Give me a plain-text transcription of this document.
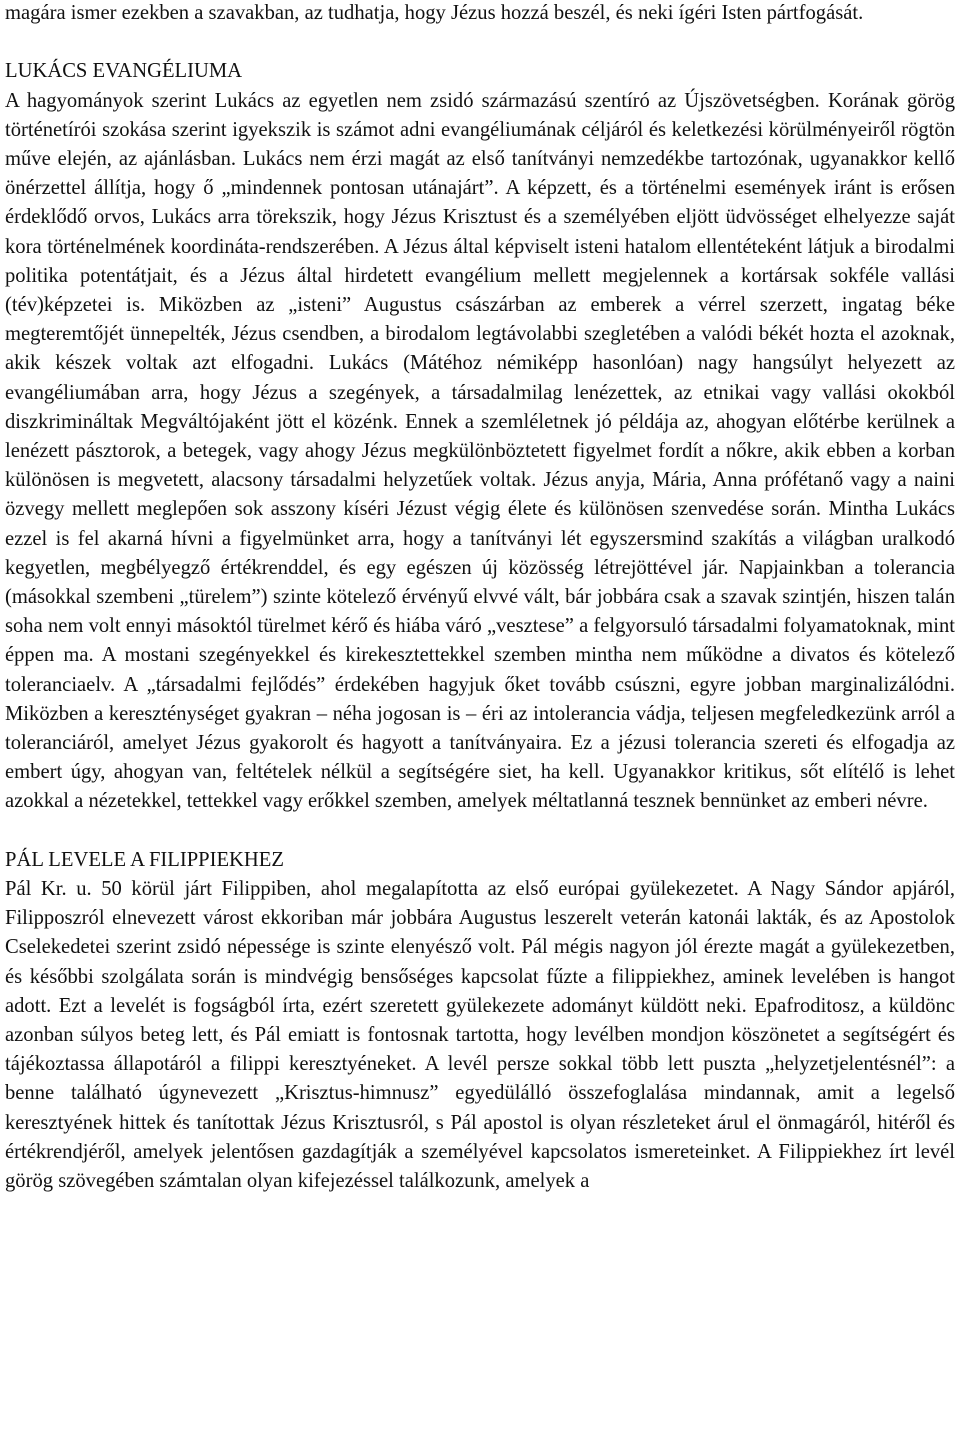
magára ismer ezekben a szavakban, az tudhatja, hogy Jézus hozzá beszél, és neki ígéri Isten pártfogását.

LUKÁCS EVANGÉLIUMA

A hagyományok szerint Lukács az egyetlen nem zsidó származású szentíró az Újszövetségben. Korának görög történetírói szokása szerint igyekszik is számot adni evangéliumának céljáról és keletkezési körülményeiről rögtön műve elején, az ajánlásban. Lukács nem érzi magát az első tanítványi nemzedékbe tartozónak, ugyanakkor kellő önérzettel állítja, hogy ő „mindennek pontosan utánajárt”. A képzett, és a történelmi események iránt is erősen érdeklődő orvos, Lukács arra törekszik, hogy Jézus Krisztust és a személyében eljött üdvösséget elhelyezze saját kora történelmének koordináta-rendszerében. A Jézus által képviselt isteni hatalom ellentéteként látjuk a birodalmi politika potentátjait, és a Jézus által hirdetett evangélium mellett megjelennek a kortársak sokféle vallási (tév)képzetei is. Miközben az „isteni” Augustus császárban az emberek a vérrel szerzett, ingatag béke megteremtőjét ünnepelték, Jézus csendben, a birodalom legtávolabbi szegletében a valódi békét hozta el azoknak, akik készek voltak azt elfogadni. Lukács (Mátéhoz némiképp hasonlóan) nagy hangsúlyt helyezett az evangéliumában arra, hogy Jézus a szegények, a társadalmilag lenézettek, az etnikai vagy vallási okokból diszkrimináltak Megváltójaként jött el közénk. Ennek a szemléletnek jó példája az, ahogyan előtérbe kerülnek a lenézett pásztorok, a betegek, vagy ahogy Jézus megkülönböztetett figyelmet fordít a nőkre, akik ebben a korban különösen is megvetett, alacsony társadalmi helyzetűek voltak. Jézus anyja, Mária, Anna prófétanő vagy a naini özvegy mellett meglepően sok asszony kíséri Jézust végig élete és különösen szenvedése során. Mintha Lukács ezzel is fel akarná hívni a figyelmünket arra, hogy a tanítványi lét egyszersmind szakítás a világban uralkodó kegyetlen, megbélyegző értékrenddel, és egy egészen új közösség létrejöttével jár. Napjainkban a tolerancia (másokkal szembeni „türelem”) szinte kötelező érvényű elvvé vált, bár jobbára csak a szavak szintjén, hiszen talán soha nem volt ennyi másoktól türelmet kérő és hiába váró „vesztese” a felgyorsuló társadalmi folyamatoknak, mint éppen ma. A mostani szegényekkel és kirekesztettekkel szemben mintha nem működne a divatos és kötelező toleranciaelv. A „társadalmi fejlődés” érdekében hagyjuk őket tovább csúszni, egyre jobban marginalizálódni. Miközben a kereszténységet gyakran – néha jogosan is – éri az intolerancia vádja, teljesen megfeledkezünk arról a toleranciáról, amelyet Jézus gyakorolt és hagyott a tanítványaira. Ez a jézusi tolerancia szereti és elfogadja az embert úgy, ahogyan van, feltételek nélkül a segítségére siet, ha kell. Ugyanakkor kritikus, sőt elítélő is lehet azokkal a nézetekkel, tettekkel vagy erőkkel szemben, amelyek méltatlanná tesznek bennünket az emberi névre.

PÁL LEVELE A FILIPPIEKHEZ

Pál Kr. u. 50 körül járt Filippiben, ahol megalapította az első európai gyülekezetet. A Nagy Sándor apjáról, Filipposzról elnevezett várost ekkoriban már jobbára Augustus leszerelt veterán katonái lakták, és az Apostolok Cselekedetei szerint zsidó népessége is szinte elenyésző volt. Pál mégis nagyon jól érezte magát a gyülekezetben, és későbbi szolgálata során is mindvégig bensőséges kapcsolat fűzte a filippiekhez, aminek levelében is hangot adott. Ezt a levelét is fogságból írta, ezért szeretett gyülekezete adományt küldött neki. Epafroditosz, a küldönc azonban súlyos beteg lett, és Pál emiatt is fontosnak tartotta, hogy levélben mondjon köszönetet a segítségért és tájékoztassa állapotáról a filippi keresztyéneket. A levél persze sokkal több lett puszta „helyzetjelentésnél”: a benne található úgynevezett „Krisztus-himnusz” egyedülálló összefoglalása mindannak, amit a legelső keresztyének hittek és tanítottak Jézus Krisztusról, s Pál apostol is olyan részleteket árul el önmagáról, hitéről és értékrendjéről, amelyek jelentősen gazdagítják a személyével kapcsolatos ismereteinket. A Filippiekhez írt levél görög szövegében számtalan olyan kifejezéssel találkozunk, amelyek a
